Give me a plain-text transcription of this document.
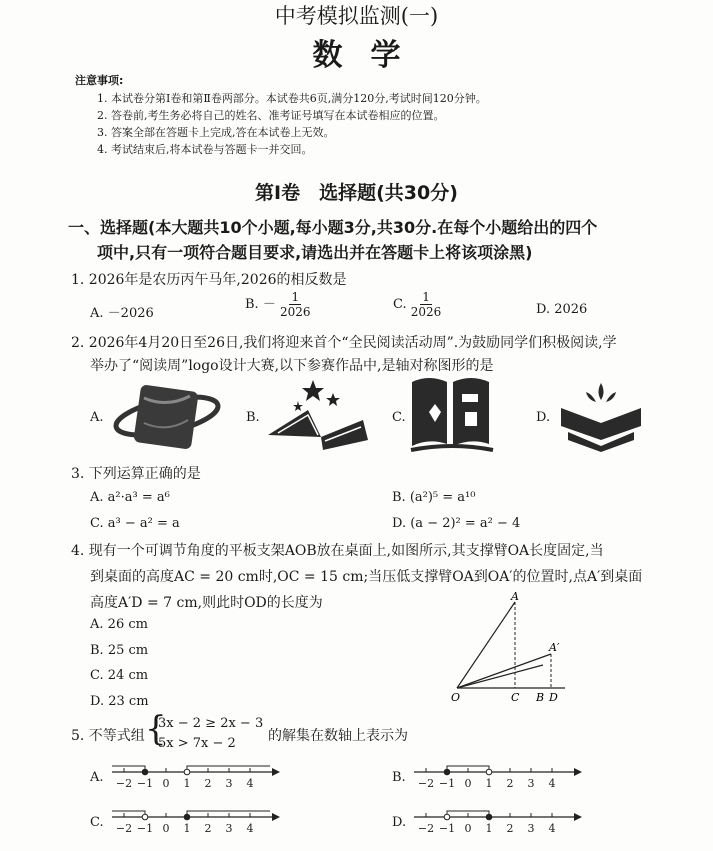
中考模拟监测(一)
数学
注意事项:
1. 本试卷分第Ⅰ卷和第Ⅱ卷两部分。本试卷共6页,满分120分,考试时间120分钟。
2. 答卷前,考生务必将自己的姓名、准考证号填写在本试卷相应的位置。
3. 答案全部在答题卡上完成,答在本试卷上无效。
4. 考试结束后,将本试卷与答题卡一并交回。
第Ⅰ卷　选择题(共30分)
一、选择题(本大题共10个小题,每小题3分,共30分.在每个小题给出的四个
项中,只有一项符合题目要求,请选出并在答题卡上将该项涂黑)
1. 2026年是农历丙午马年,2026的相反数是
A. －2026
B. － $\frac{1}{2026}$	C. $\frac{1}{2026}$	D. 2026
2. 2026年4月20日至26日,我们将迎来首个“全民阅读活动周”.为鼓励同学们积极阅读,学
举办了“阅读周”logo设计大赛,以下参赛作品中,是轴对称图形的是
A.	B.	C.	D.
3. 下列运算正确的是
A. a²·a³ = a⁶	B. (a²)⁵ = a¹⁰
C. a³ − a² = a	D. (a − 2)² = a² − 4
4. 现有一个可调节角度的平板支架AOB放在桌面上,如图所示,其支撑臂OA长度固定,当
到桌面的高度AC = 20 cm时,OC = 15 cm;当压低支撑臂OA到OA′的位置时,点A′到桌面
高度A′D = 7 cm,则此时OD的长度为
A. 26 cm
B. 25 cm
C. 24 cm
D. 23 cm
A
A′
O	C B D
5. 不等式组 {
3x − 2 ≥ 2x − 3
5x > 7x − 2 的解集在数轴上表示为
A. −2 −1 0 1 2 3 4	B. −2 −1 0 1 2 3 4
C. −2 −1 0 1 2 3 4	D. −2 −1 0 1 2 3 4
